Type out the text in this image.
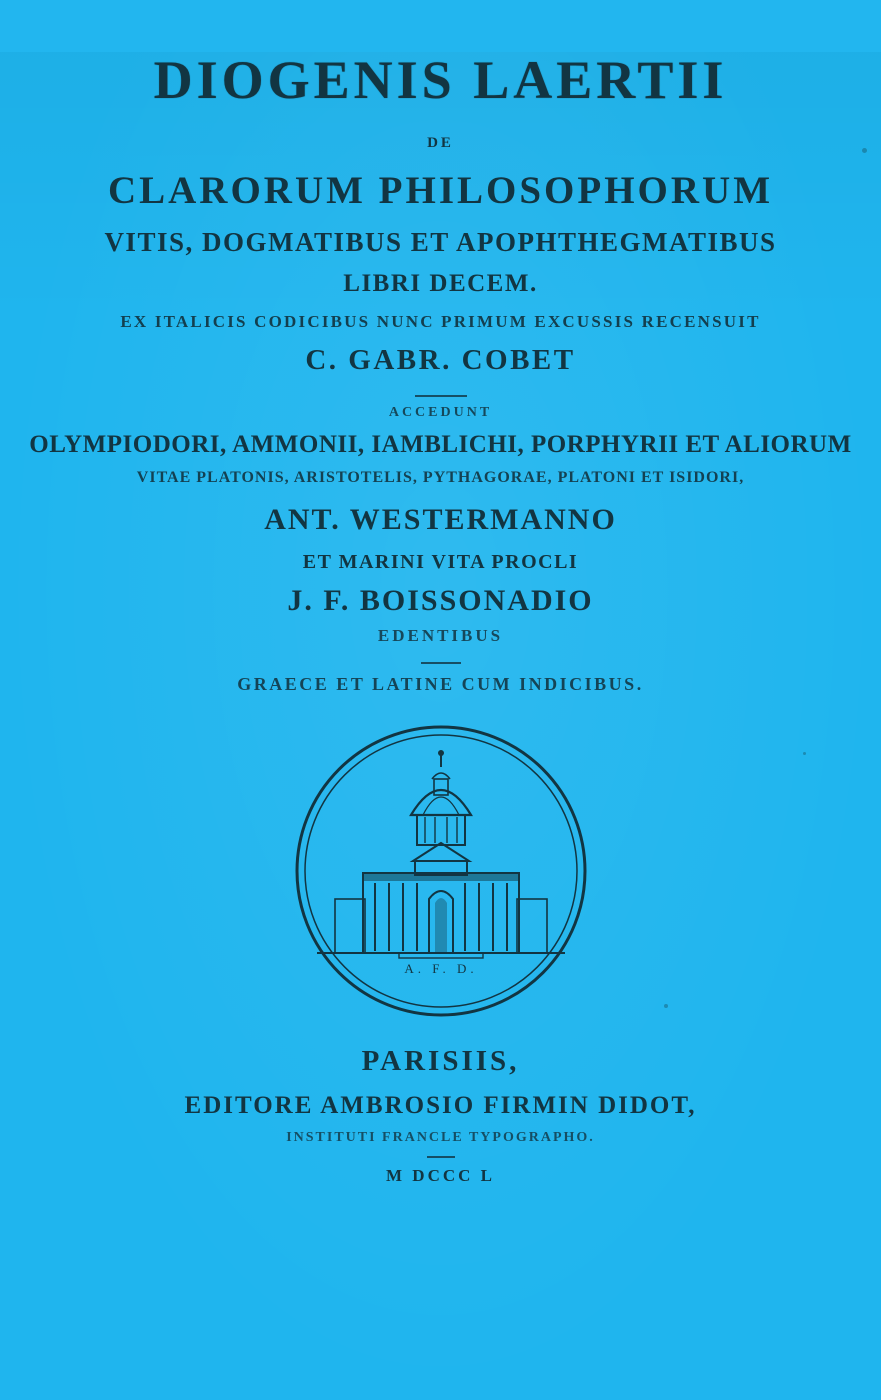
DIOGENIS LAERTII
DE
CLARORUM PHILOSOPHORUM
VITIS, DOGMATIBUS ET APOPHTHEGMATIBUS
LIBRI DECEM.
EX ITALICIS CODICIBUS NUNC PRIMUM EXCUSSIS RECENSUIT
C. GABR. COBET
ACCEDUNT
OLYMPIODORI, AMMONII, IAMBLICHI, PORPHYRII ET ALIORUM
VITAE PLATONIS, ARISTOTELIS, PYTHAGORAE, PLATONI ET ISIDORI,
ANT. WESTERMANNO
ET MARINI VITA PROCLI
J. F. BOISSONADIO
EDENTIBUS
GRAECE ET LATINE CUM INDICIBUS.
A. F. D.
PARISIIS,
EDITORE AMBROSIO FIRMIN DIDOT,
INSTITUTI FRANCLE TYPOGRAPHO.
M DCCC L
